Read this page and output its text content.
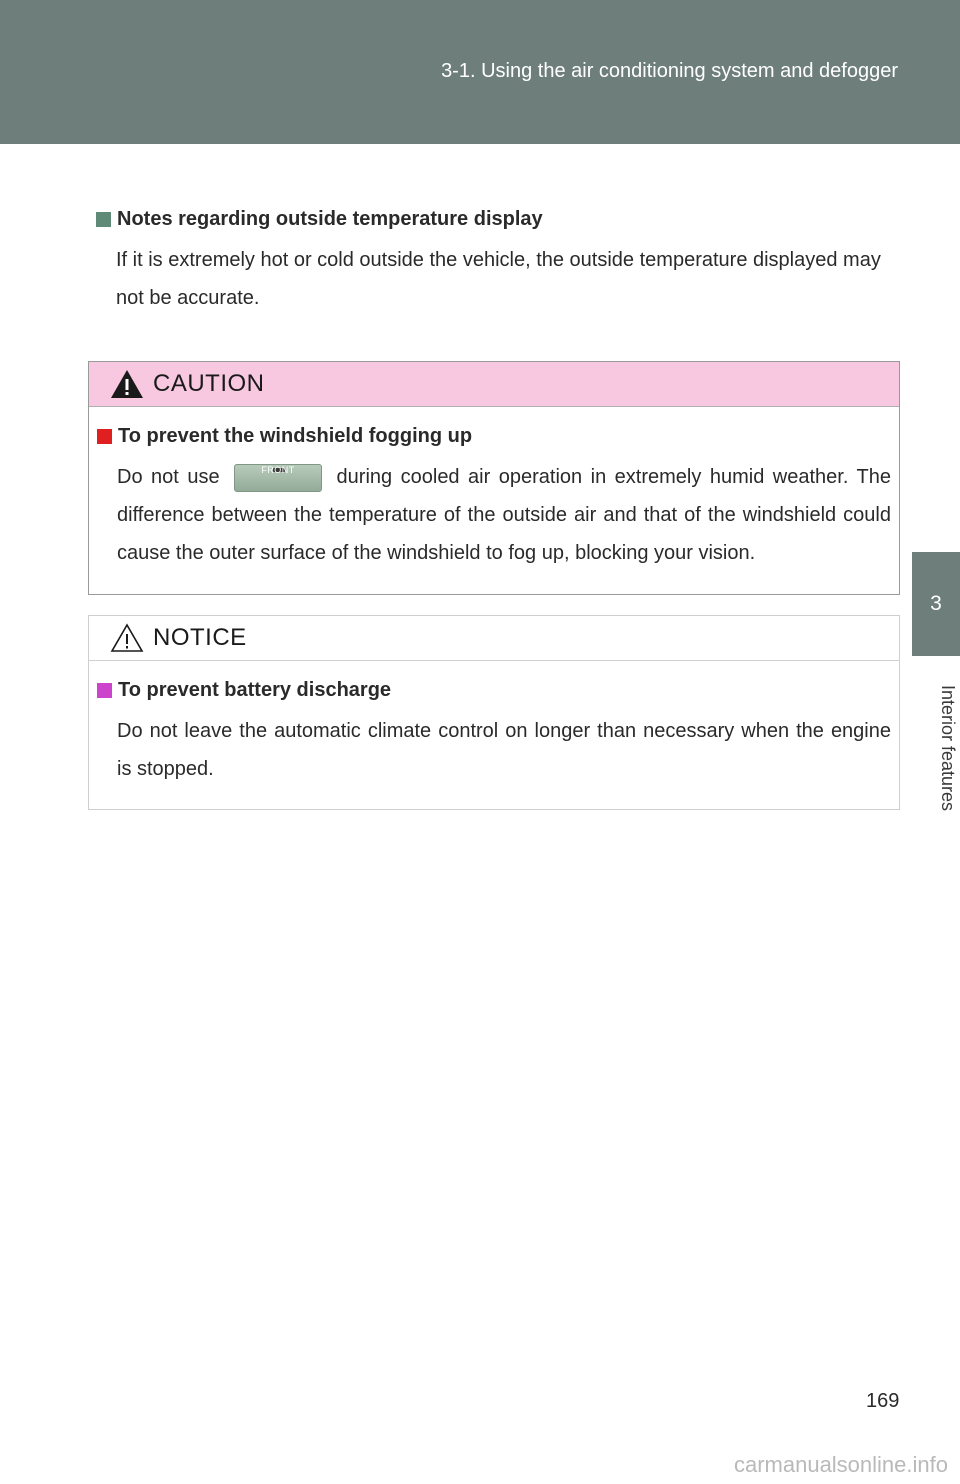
3-1. Using the air conditioning system and defogger
3
Interior features
Notes regarding outside temperature display
If it is extremely hot or cold outside the vehicle, the outside temperature displayed may not be accurate.
CAUTION
To prevent the windshield fogging up
Do not use	FRONT	during cooled air operation in extremely humid weather. The difference between the temperature of the outside air and that of the windshield could cause the outer surface of the windshield to fog up, blocking your vision.
NOTICE
To prevent battery discharge
Do not leave the automatic climate control on longer than necessary when the engine is stopped.
169
carmanualsonline.info
